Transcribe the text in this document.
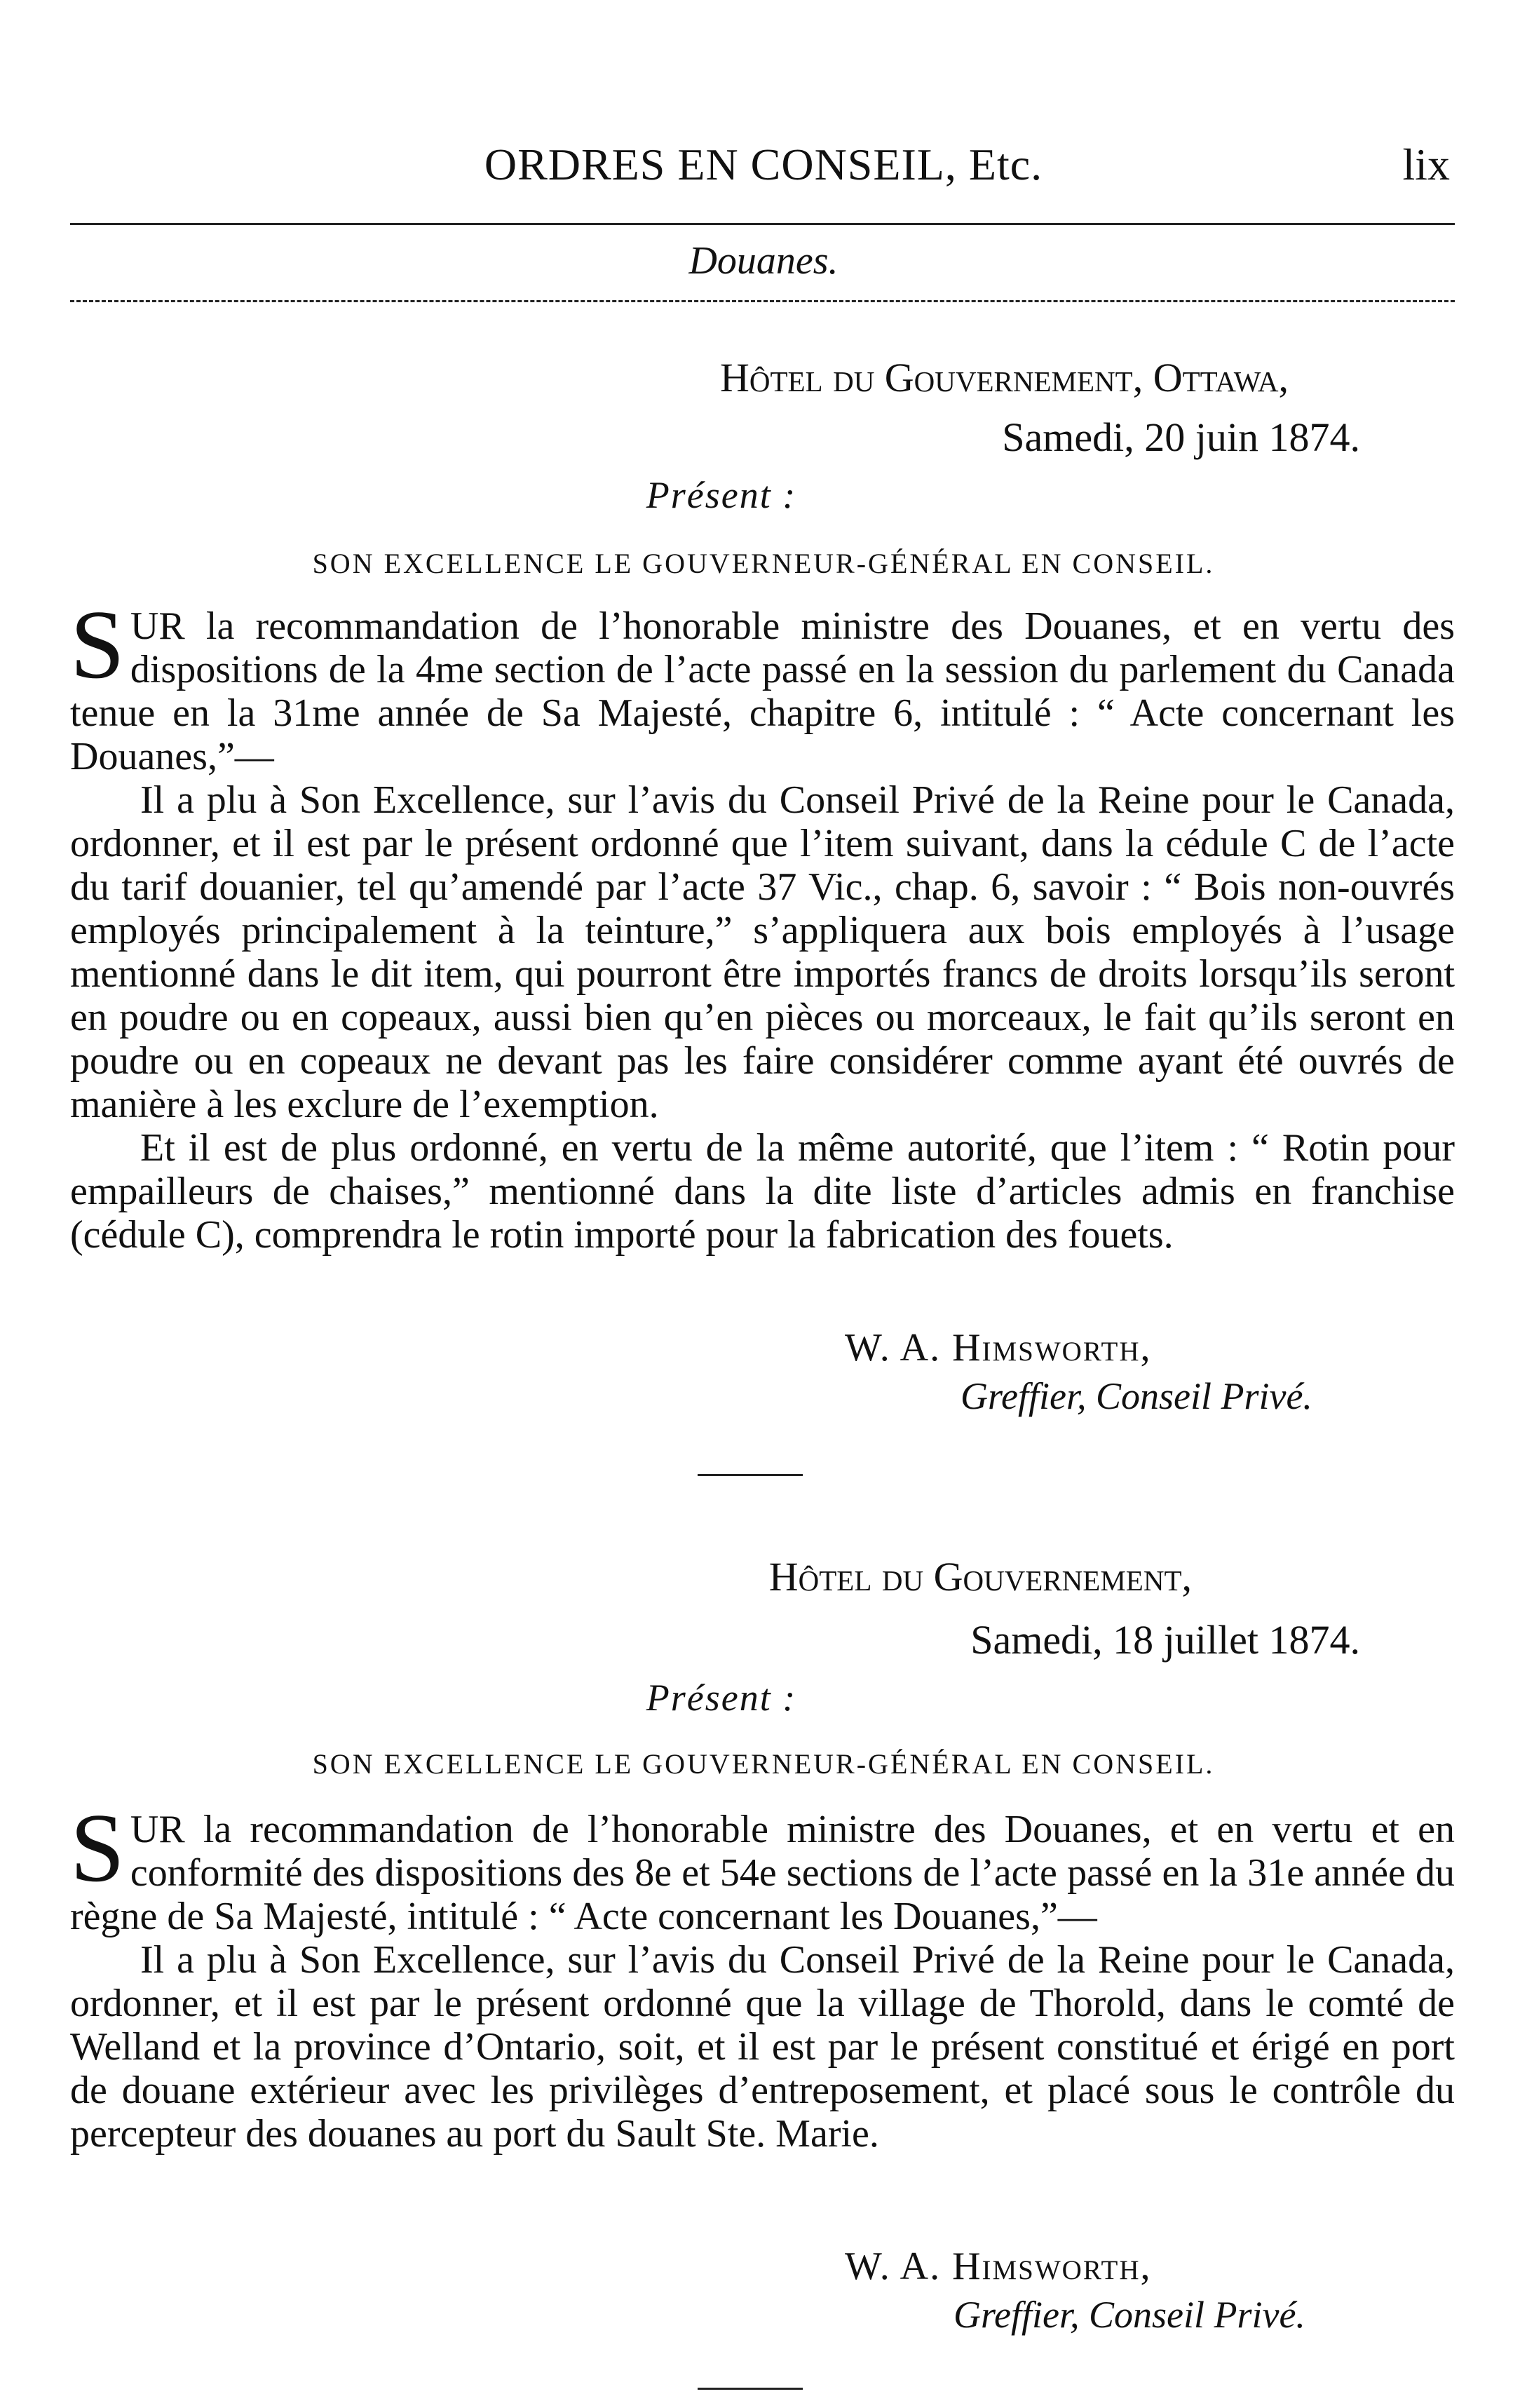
ORDRES EN CONSEIL, Etc.	lix
Douanes.
Hôtel du Gouvernement, Ottawa,
Samedi, 20 juin 1874.
Présent :
SON EXCELLENCE LE GOUVERNEUR-GÉNÉRAL EN CONSEIL.

SUR la recommandation de l’honorable ministre des Douanes, et en vertu des dispositions de la 4me section de l’acte passé en la session du parlement du Canada tenue en la 31me année de Sa Majesté, chapitre 6, intitulé : “ Acte concernant les Douanes,”—

Il a plu à Son Excellence, sur l’avis du Conseil Privé de la Reine pour le Canada, ordonner, et il est par le présent ordonné que l’item suivant, dans la cédule C de l’acte du tarif douanier, tel qu’amendé par l’acte 37 Vic., chap. 6, savoir : “ Bois non-ouvrés employés principalement à la teinture,” s’appliquera aux bois employés à l’usage mentionné dans le dit item, qui pourront être importés francs de droits lorsqu’ils seront en poudre ou en copeaux, aussi bien qu’en pièces ou morceaux, le fait qu’ils seront en poudre ou en copeaux ne devant pas les faire considérer comme ayant été ouvrés de manière à les exclure de l’exemption.

Et il est de plus ordonné, en vertu de la même autorité, que l’item : “ Rotin pour empailleurs de chaises,” mentionné dans la dite liste d’articles admis en franchise (cédule C), comprendra le rotin importé pour la fabrication des fouets.

W. A. Himsworth,
Greffier, Conseil Privé.
Hôtel du Gouvernement,
Samedi, 18 juillet 1874.
Présent :
SON EXCELLENCE LE GOUVERNEUR-GÉNÉRAL EN CONSEIL.

SUR la recommandation de l’honorable ministre des Douanes, et en vertu et en conformité des dispositions des 8e et 54e sections de l’acte passé en la 31e année du règne de Sa Majesté, intitulé : “ Acte concernant les Douanes,”—

Il a plu à Son Excellence, sur l’avis du Conseil Privé de la Reine pour le Canada, ordonner, et il est par le présent ordonné que la village de Thorold, dans le comté de Welland et la province d’Ontario, soit, et il est par le présent constitué et érigé en port de douane extérieur avec les privilèges d’entreposement, et placé sous le contrôle du percepteur des douanes au port du Sault Ste. Marie.

W. A. Himsworth,
Greffier, Conseil Privé.
